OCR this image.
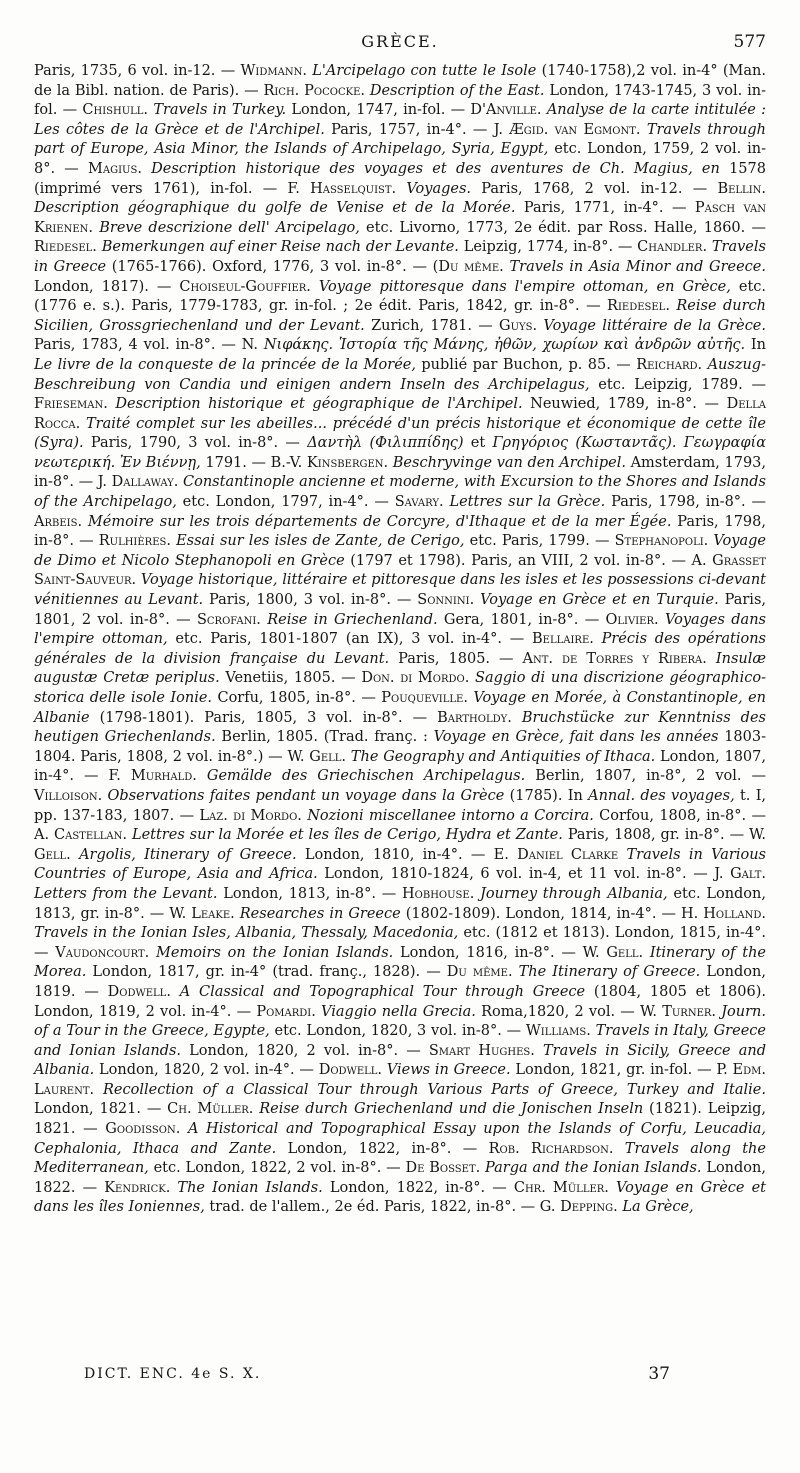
GRÈCE.	577

Paris, 1735, 6 vol. in-12. — Widmann. L'Arcipelago con tutte le Isole (1740-1758),2 vol. in-4° (Man. de la Bibl. nation. de Paris). — Rich. Pococke. Description of the East. London, 1743-1745, 3 vol. in-fol. — Chishull. Travels in Turkey. London, 1747, in-fol. — D'Anville. Analyse de la carte intitulée : Les côtes de la Grèce et de l'Archipel. Paris, 1757, in-4°. — J. Ægid. van Egmont. Travels through part of Europe, Asia Minor, the Islands of Archipelago, Syria, Egypt, etc. London, 1759, 2 vol. in-8°. — Magius. Description historique des voyages et des aventures de Ch. Magius, en 1578 (imprimé vers 1761), in-fol. — F. Hasselquist. Voyages. Paris, 1768, 2 vol. in-12. — Bellin. Description géographique du golfe de Venise et de la Morée. Paris, 1771, in-4°. — Pasch van Krienen. Breve descrizione dell' Arcipelago, etc. Livorno, 1773, 2e édit. par Ross. Halle, 1860. — Riedesel. Bemerkungen auf einer Reise nach der Levante. Leipzig, 1774, in-8°. — Chandler. Travels in Greece (1765-1766). Oxford, 1776, 3 vol. in-8°. — (Du même. Travels in Asia Minor and Greece. London, 1817). — Choiseul-Gouffier. Voyage pittoresque dans l'empire ottoman, en Grèce, etc. (1776 e. s.). Paris, 1779-1783, gr. in-fol. ; 2e édit. Paris, 1842, gr. in-8°. — Riedesel. Reise durch Sicilien, Grossgriechenland und der Levant. Zurich, 1781. — Guys. Voyage littéraire de la Grèce. Paris, 1783, 4 vol. in-8°. — N. Νιφάκης. Ἱστορία τῆς Μάνης, ἠθῶν, χωρίων καὶ ἀνδρῶν αὐτῆς. In Le livre de la conqueste de la princée de la Morée, publié par Buchon, p. 85. — Reichard. Auszug-Beschreibung von Candia und einigen andern Inseln des Archipelagus, etc. Leipzig, 1789. — Frieseman. Description historique et géographique de l'Archipel. Neuwied, 1789, in-8°. — Della Rocca. Traité complet sur les abeilles... précédé d'un précis historique et économique de cette île (Syra). Paris, 1790, 3 vol. in-8°. — Δαντὴλ (Φιλιππίδης) et Γρηγόριος (Κωσταντᾶς). Γεωγραφία νεωτερική. Ἐν Βιέννῃ, 1791. — B.-V. Kinsbergen. Beschryvinge van den Archipel. Amsterdam, 1793, in-8°. — J. Dallaway. Constantinople ancienne et moderne, with Excursion to the Shores and Islands of the Archipelago, etc. London, 1797, in-4°. — Savary. Lettres sur la Grèce. Paris, 1798, in-8°. — Arbeis. Mémoire sur les trois départements de Corcyre, d'Ithaque et de la mer Égée. Paris, 1798, in-8°. — Rulhières. Essai sur les isles de Zante, de Cerigo, etc. Paris, 1799. — Stephanopoli. Voyage de Dimo et Nicolo Stephanopoli en Grèce (1797 et 1798). Paris, an VIII, 2 vol. in-8°. — A. Grasset Saint-Sauveur. Voyage historique, littéraire et pittoresque dans les isles et les possessions ci-devant vénitiennes au Levant. Paris, 1800, 3 vol. in-8°. — Sonnini. Voyage en Grèce et en Turquie. Paris, 1801, 2 vol. in-8°. — Scrofani. Reise in Griechenland. Gera, 1801, in-8°. — Olivier. Voyages dans l'empire ottoman, etc. Paris, 1801-1807 (an IX), 3 vol. in-4°. — Bellaire. Précis des opérations générales de la division française du Levant. Paris, 1805. — Ant. de Torres y Ribera. Insulæ augustæ Cretæ periplus. Venetiis, 1805. — Don. di Mordo. Saggio di una discrizione géographico-storica delle isole Ionie. Corfu, 1805, in-8°. — Pouqueville. Voyage en Morée, à Constantinople, en Albanie (1798-1801). Paris, 1805, 3 vol. in-8°. — Bartholdy. Bruchstücke zur Kenntniss des heutigen Griechenlands. Berlin, 1805. (Trad. franç. : Voyage en Grèce, fait dans les années 1803-1804. Paris, 1808, 2 vol. in-8°.) — W. Gell. The Geography and Antiquities of Ithaca. London, 1807, in-4°. — F. Murhald. Gemälde des Griechischen Archipelagus. Berlin, 1807, in-8°, 2 vol. — Villoison. Observations faites pendant un voyage dans la Grèce (1785). In Annal. des voyages, t. I, pp. 137-183, 1807. — Laz. di Mordo. Nozioni miscellanee intorno a Corcira. Corfou, 1808, in-8°. — A. Castellan. Lettres sur la Morée et les îles de Cerigo, Hydra et Zante. Paris, 1808, gr. in-8°. — W. Gell. Argolis, Itinerary of Greece. London, 1810, in-4°. — E. Daniel Clarke Travels in Various Countries of Europe, Asia and Africa. London, 1810-1824, 6 vol. in-4, et 11 vol. in-8°. — J. Galt. Letters from the Levant. London, 1813, in-8°. — Hobhouse. Journey through Albania, etc. London, 1813, gr. in-8°. — W. Leake. Researches in Greece (1802-1809). London, 1814, in-4°. — H. Holland. Travels in the Ionian Isles, Albania, Thessaly, Macedonia, etc. (1812 et 1813). London, 1815, in-4°. — Vaudoncourt. Memoirs on the Ionian Islands. London, 1816, in-8°. — W. Gell. Itinerary of the Morea. London, 1817, gr. in-4° (trad. franç., 1828). — Du même. The Itinerary of Greece. London, 1819. — Dodwell. A Classical and Topographical Tour through Greece (1804, 1805 et 1806). London, 1819, 2 vol. in-4°. — Pomardi. Viaggio nella Grecia. Roma,1820, 2 vol. — W. Turner. Journ. of a Tour in the Greece, Egypte, etc. London, 1820, 3 vol. in-8°. — Williams. Travels in Italy, Greece and Ionian Islands. London, 1820, 2 vol. in-8°. — Smart Hughes. Travels in Sicily, Greece and Albania. London, 1820, 2 vol. in-4°. — Dodwell. Views in Greece. London, 1821, gr. in-fol. — P. Edm. Laurent. Recollection of a Classical Tour through Various Parts of Greece, Turkey and Italie. London, 1821. — Ch. Müller. Reise durch Griechenland und die Jonischen Inseln (1821). Leipzig, 1821. — Goodisson. A Historical and Topographical Essay upon the Islands of Corfu, Leucadia, Cephalonia, Ithaca and Zante. London, 1822, in-8°. — Rob. Richardson. Travels along the Mediterranean, etc. London, 1822, 2 vol. in-8°. — De Bosset. Parga and the Ionian Islands. London, 1822. — Kendrick. The Ionian Islands. London, 1822, in-8°. — Chr. Müller. Voyage en Grèce et dans les îles Ioniennes, trad. de l'allem., 2e éd. Paris, 1822, in-8°. — G. Depping. La Grèce,

DICT. ENC. 4e S. X.	37
